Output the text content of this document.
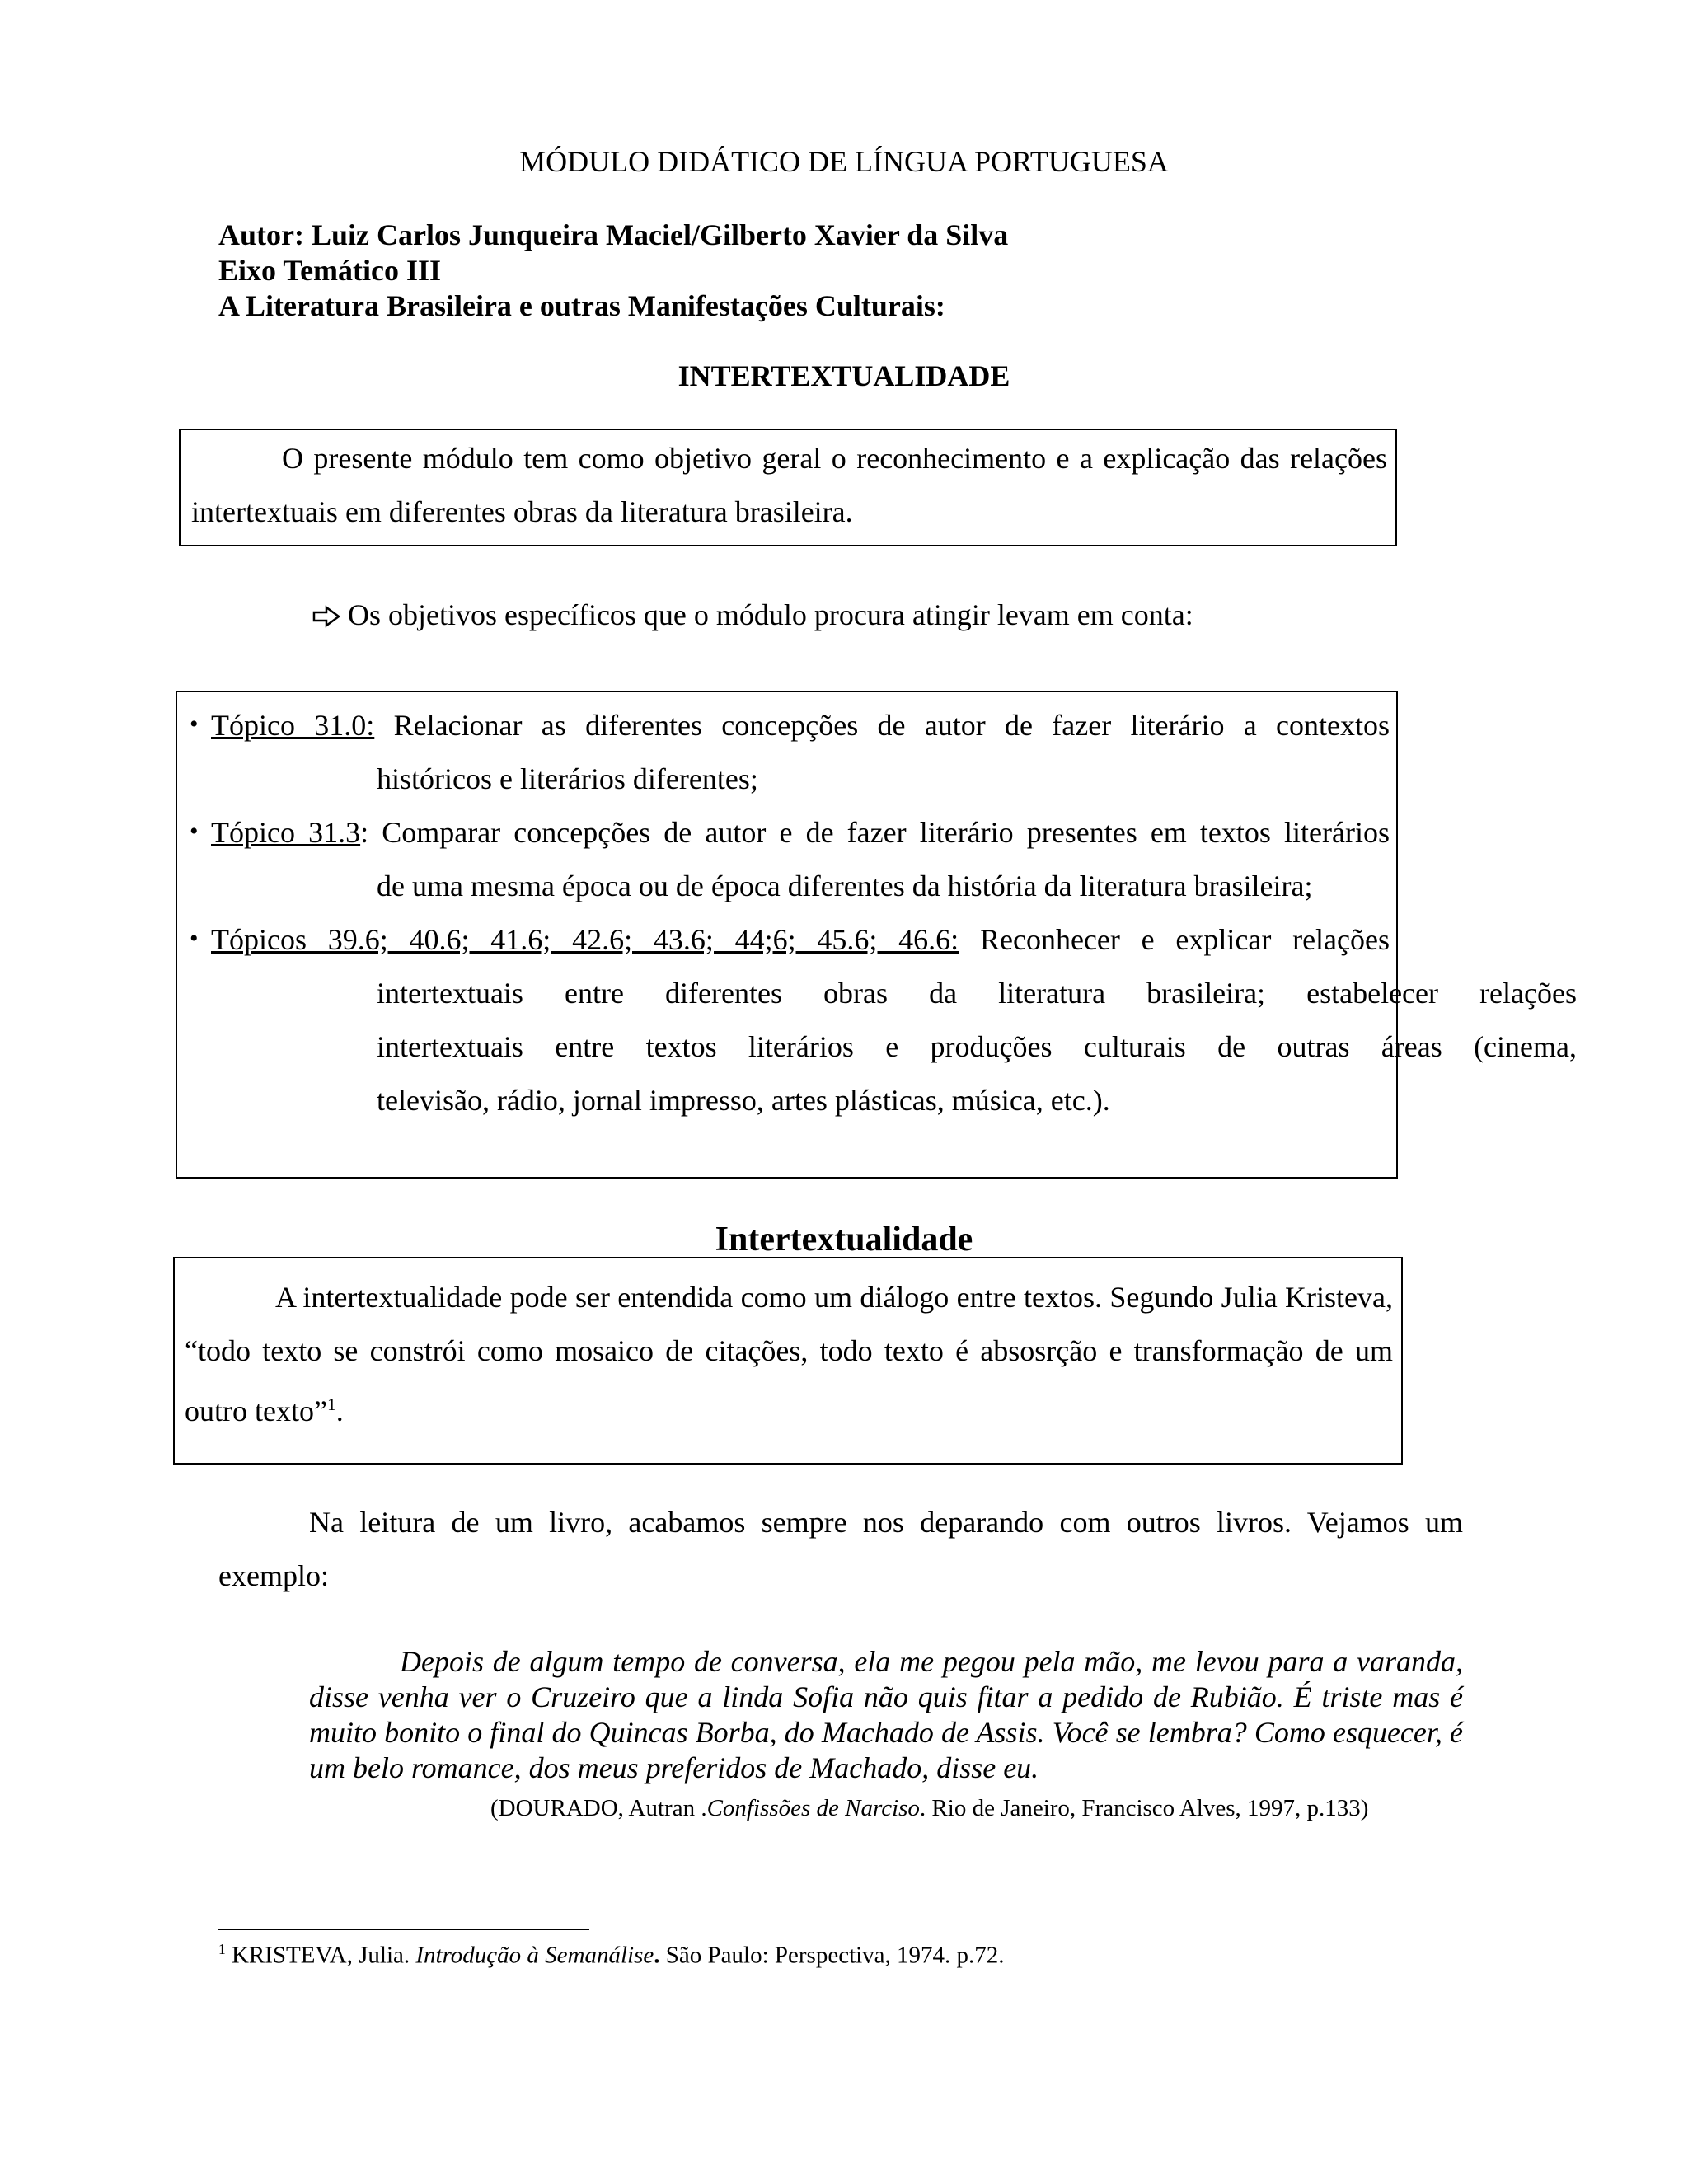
MÓDULO DIDÁTICO DE LÍNGUA PORTUGUESA
Autor: Luiz Carlos Junqueira Maciel/Gilberto Xavier da Silva
Eixo Temático III
A Literatura Brasileira e outras Manifestações Culturais:
INTERTEXTUALIDADE

O presente módulo tem como objetivo geral o reconhecimento e a explicação das relações intertextuais em diferentes obras da literatura brasileira.

Os objetivos específicos que o módulo procura atingir levam em conta:
• Tópico 31.0: Relacionar as diferentes concepções de autor de fazer literário a contextos
históricos e literários diferentes;
• Tópico 31.3: Comparar concepções de autor e de fazer literário presentes em textos literários
de uma mesma época ou de época diferentes da história da literatura brasileira;
• Tópicos 39.6; 40.6; 41.6; 42.6; 43.6; 44;6; 45.6; 46.6: Reconhecer e explicar relações
intertextuais entre diferentes obras da literatura brasileira; estabelecer relações
intertextuais entre textos literários e produções culturais de outras áreas (cinema,
televisão, rádio, jornal impresso, artes plásticas, música, etc.).
Intertextualidade

A intertextualidade pode ser entendida como um diálogo entre textos. Segundo Julia Kristeva, “todo texto se constrói como mosaico de citações, todo texto é absosrção e transformação de um outro texto”$^1$.

Na leitura de um livro, acabamos sempre nos deparando com outros livros. Vejamos um
exemplo:

Depois de algum tempo de conversa, ela me pegou pela mão, me levou para a varanda, disse venha ver o Cruzeiro que a linda Sofia não quis fitar a pedido de Rubião. É triste mas é muito bonito o final do Quincas Borba, do Machado de Assis. Você se lembra? Como esquecer, é um belo romance, dos meus preferidos de Machado, disse eu.

(DOURADO, Autran .Confissões de Narciso. Rio de Janeiro, Francisco Alves, 1997, p.133)
$^1$ KRISTEVA, Julia. Introdução à Semanálise. São Paulo: Perspectiva, 1974. p.72.
